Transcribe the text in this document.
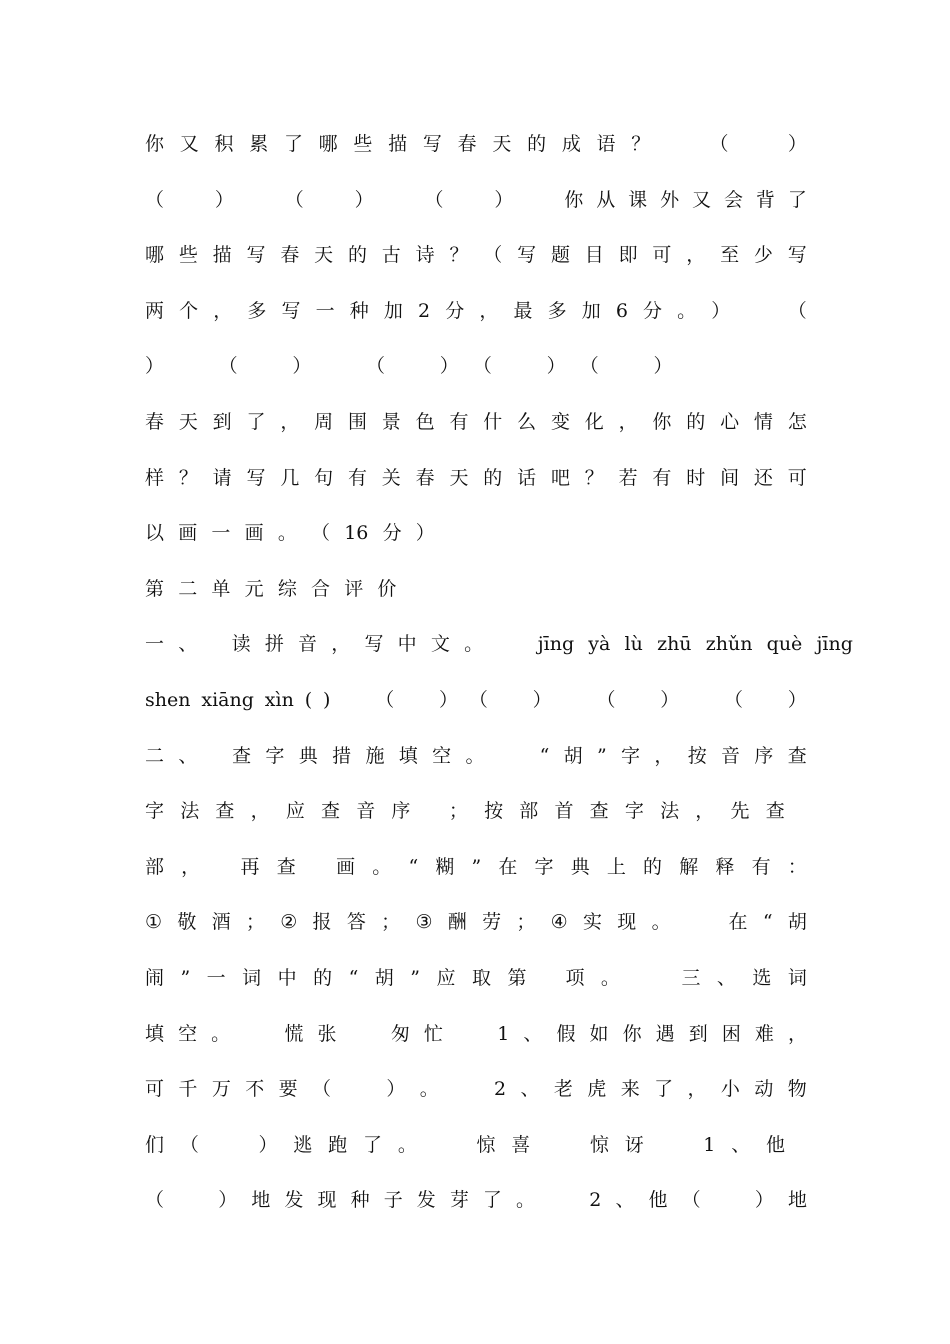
你 又 积 累 了 哪 些 描 写 春 天 的 成 语 ？

	（

	）
（

	）

	（

	）

	（

	）

	你 从 课 外 又 会 背 了
哪 些 描 写 春 天 的 古 诗 ？ （ 写 题 目 即 可 ， 至 少 写
两 个 ， 多 写 一 种 加 2 分 ， 最 多 加 6 分 。 ）

	（
）

	（

	）

	（

	） （

	） （

	）
春 天 到 了 ， 周 围 景 色 有 什 么 变 化 ， 你 的 心 情 怎
样 ？ 请 写 几 句 有 关 春 天 的 话 吧 ？ 若 有 时 间 还 可
以 画 一 画 。 （ 16 分 ）
第 二 单 元 综 合 评 价
一 、
读 拼 音 ， 写 中 文 。

	jīng yà lù zhū zhǔn què jīng
shen xiāng xìn ( )

（

） （

）

（

）

（

）
二 、
查 字 典 措 施 填 空 。

	“ 胡 ” 字 ， 按 音 序 查
字 法 查 ， 应 查 音 序
； 按 部 首 查 字 法 ， 先 查

部 ，
再 查
画 。 “ 糊 ” 在 字 典 上 的 解 释 有 ：
① 敬 酒 ； ② 报 答 ； ③ 酬 劳 ； ④ 实 现 。

	在 “ 胡
闹 ” 一 词 中 的 “ 胡 ” 应 取 第
项 。

	三 、 选 词
填 空 。

	慌 张

	匆 忙

	1 、 假 如 你 遇 到 困 难 ，
可 千 万 不 要 （

	） 。

	2 、 老 虎 来 了 ， 小 动 物
们 （

	） 逃 跑 了 。

	惊 喜

	惊 讶

	1 、 他

（

	） 地 发 现 种 子 发 芽 了 。

	2 、 他 （

	） 地
